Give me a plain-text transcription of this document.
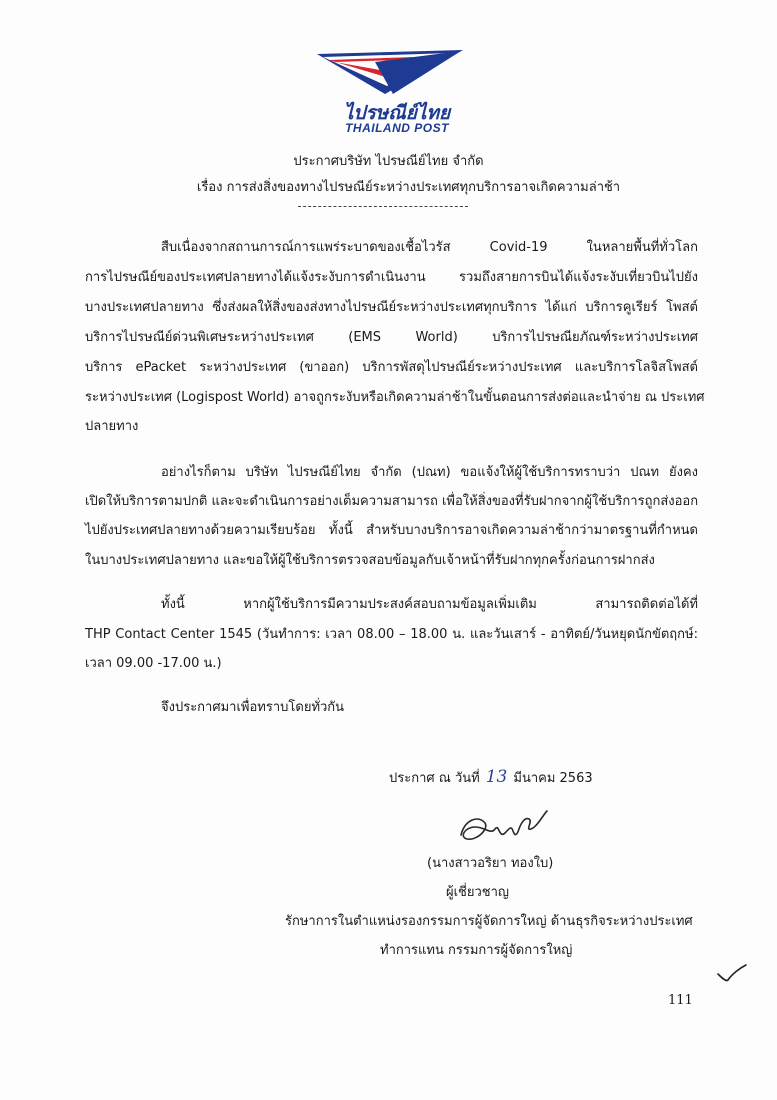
ไปรษณีย์ไทย
THAILAND POST
ประกาศบริษัท ไปรษณีย์ไทย จำกัด
เรื่อง การส่งสิ่งของทางไปรษณีย์ระหว่างประเทศทุกบริการอาจเกิดความล่าช้า
สืบเนื่องจากสถานการณ์การแพร่ระบาดของเชื้อไวรัส Covid-19 ในหลายพื้นที่ทั่วโลก
การไปรษณีย์ของประเทศปลายทางได้แจ้งระงับการดำเนินงาน รวมถึงสายการบินได้แจ้งระงับเที่ยวบินไปยัง
บางประเทศปลายทาง ซึ่งส่งผลให้สิ่งของส่งทางไปรษณีย์ระหว่างประเทศทุกบริการ ได้แก่ บริการคูเรียร์ โพสต์
บริการไปรษณีย์ด่วนพิเศษระหว่างประเทศ (EMS World) บริการไปรษณียภัณฑ์ระหว่างประเทศ
บริการ ePacket ระหว่างประเทศ (ขาออก) บริการพัสดุไปรษณีย์ระหว่างประเทศ และบริการโลจิสโพสต์
ระหว่างประเทศ (Logispost World) อาจถูกระงับหรือเกิดความล่าช้าในขั้นตอนการส่งต่อและนำจ่าย ณ ประเทศ
ปลายทาง
อย่างไรก็ตาม บริษัท ไปรษณีย์ไทย จำกัด (ปณท) ขอแจ้งให้ผู้ใช้บริการทราบว่า ปณท ยังคง
เปิดให้บริการตามปกติ และจะดำเนินการอย่างเต็มความสามารถ เพื่อให้สิ่งของที่รับฝากจากผู้ใช้บริการถูกส่งออก
ไปยังประเทศปลายทางด้วยความเรียบร้อย ทั้งนี้ สำหรับบางบริการอาจเกิดความล่าช้ากว่ามาตรฐานที่กำหนด
ในบางประเทศปลายทาง และขอให้ผู้ใช้บริการตรวจสอบข้อมูลกับเจ้าหน้าที่รับฝากทุกครั้งก่อนการฝากส่ง
ทั้งนี้ หากผู้ใช้บริการมีความประสงค์สอบถามข้อมูลเพิ่มเติม สามารถติดต่อได้ที่
THP Contact Center 1545 (วันทำการ: เวลา 08.00 – 18.00 น. และวันเสาร์ - อาทิตย์/วันหยุดนักขัตฤกษ์:
เวลา 09.00 -17.00 น.)
จึงประกาศมาเพื่อทราบโดยทั่วกัน
ประกาศ ณ วันที่ 13 มีนาคม 2563
(นางสาวอริยา ทองใบ)
ผู้เชี่ยวชาญ
รักษาการในตำแหน่งรองกรรมการผู้จัดการใหญ่ ด้านธุรกิจระหว่างประเทศ
ทำการแทน กรรมการผู้จัดการใหญ่
111
